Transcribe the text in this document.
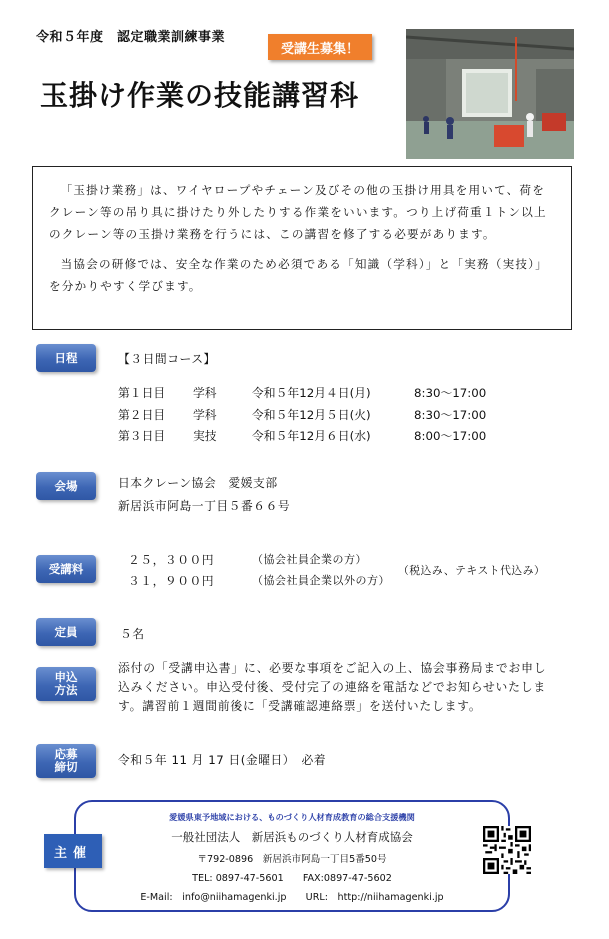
令和５年度　認定職業訓練事業
受講生募集！
玉掛け作業の技能講習科

「玉掛け業務」は、ワイヤロープやチェーン及びその他の玉掛け用具を用いて、荷をクレーン等の吊り具に掛けたり外したりする作業をいいます。つり上げ荷重１トン以上のクレーン等の玉掛け業務を行うには、この講習を修了する必要があります。

当協会の研修では、安全な作業のため必須である「知識（学科）」と「実務（実技）」を分かりやすく学びます。

日程	【３日間コース】
第１日目 学科	令和５年12月４日(月)	8:30～17:00
第２日目 学科	令和５年12月５日(火)	8:30～17:00
第３日目 実技	令和５年12月６日(水)	8:00～17:00
会場	日本クレーン協会　愛媛支部
新居浜市阿島一丁目５番６６号
受講料
２５，３００円	（協会社員企業の方）
３１，９００円	（協会社員企業以外の方）
（税込み、テキスト代込み）
定員	５名
申込
方法
添付の「受講申込書」に、必要な事項をご記入の上、協会事務局までお申し込みください。申込受付後、受付完了の連絡を電話などでお知らせいたします。講習前１週間前後に「受講確認連絡票」を送付いたします。
応募
締切	令和５年 11 月 17 日(金曜日）　必着
主催
愛媛県東予地域における、ものづくり人材育成教育の総合支援機関
一般社団法人　新居浜ものづくり人材育成協会
〒792-0896　新居浜市阿島一丁目5番50号
TEL: 0897-47-5601　　FAX:0897-47-5602
E-Mail:　info@niihamagenki.jp　　URL:　http://niihamagenki.jp
